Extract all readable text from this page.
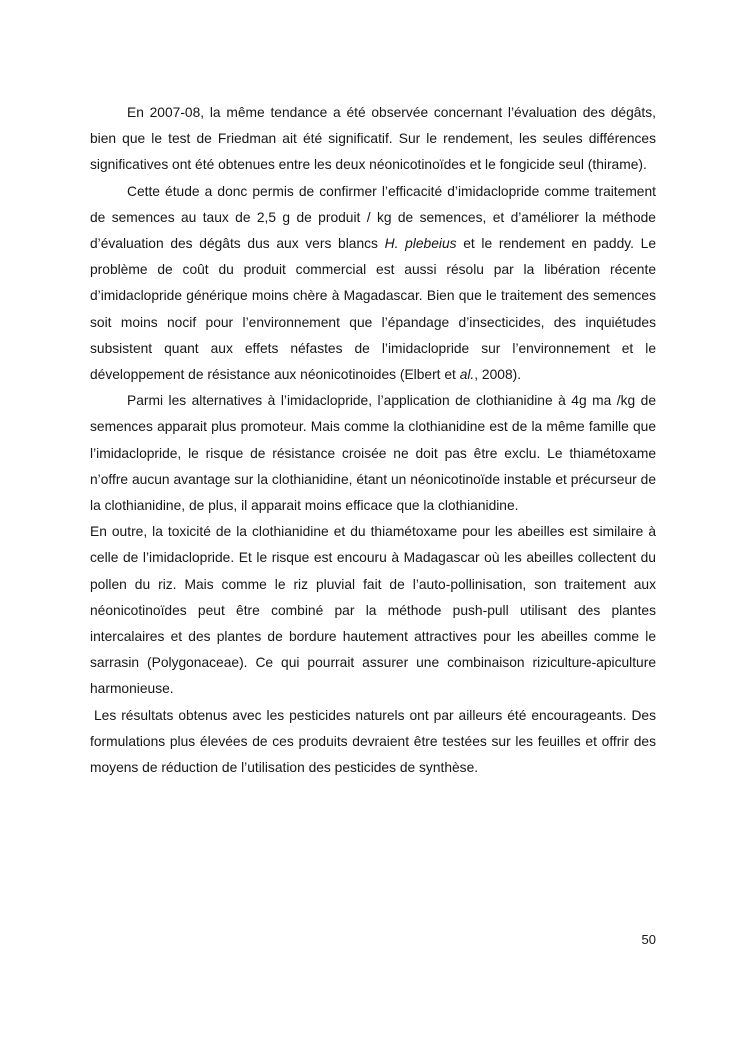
En 2007-08, la même tendance a été observée concernant l’évaluation des dégâts, bien que le test de Friedman ait été significatif. Sur le rendement, les seules différences significatives ont été obtenues entre les deux néonicotinoïdes et le fongicide seul (thirame).

Cette étude a donc permis de confirmer l’efficacité d’imidaclopride comme traitement de semences au taux de 2,5 g de produit / kg de semences, et d’améliorer la méthode d’évaluation des dégâts dus aux vers blancs H. plebeius et le rendement en paddy. Le problème de coût du produit commercial est aussi résolu par la libération récente d’imidaclopride générique moins chère à Magadascar. Bien que le traitement des semences soit moins nocif pour l’environnement que l’épandage d’insecticides, des inquiétudes subsistent quant aux effets néfastes de l’imidaclopride sur l’environnement et le développement de résistance aux néonicotinoides (Elbert et al., 2008).

Parmi les alternatives à l’imidaclopride, l’application de clothianidine à 4g ma /kg de semences apparait plus promoteur. Mais comme la clothianidine est de la même famille que l’imidaclopride, le risque de résistance croisée ne doit pas être exclu. Le thiamétoxame n’offre aucun avantage sur la clothianidine, étant un néonicotinoïde instable et précurseur de la clothianidine, de plus, il apparait moins efficace que la clothianidine.

En outre, la toxicité de la clothianidine et du thiamétoxame pour les abeilles est similaire à celle de l’imidaclopride. Et le risque est encouru à Madagascar où les abeilles collectent du pollen du riz. Mais comme le riz pluvial fait de l’auto-pollinisation, son traitement aux néonicotinoïdes peut être combiné par la méthode push-pull utilisant des plantes intercalaires et des plantes de bordure hautement attractives pour les abeilles comme le sarrasin (Polygonaceae). Ce qui pourrait assurer une combinaison riziculture-apiculture harmonieuse.

Les résultats obtenus avec les pesticides naturels ont par ailleurs été encourageants. Des formulations plus élevées de ces produits devraient être testées sur les feuilles et offrir des moyens de réduction de l’utilisation des pesticides de synthèse.

50
